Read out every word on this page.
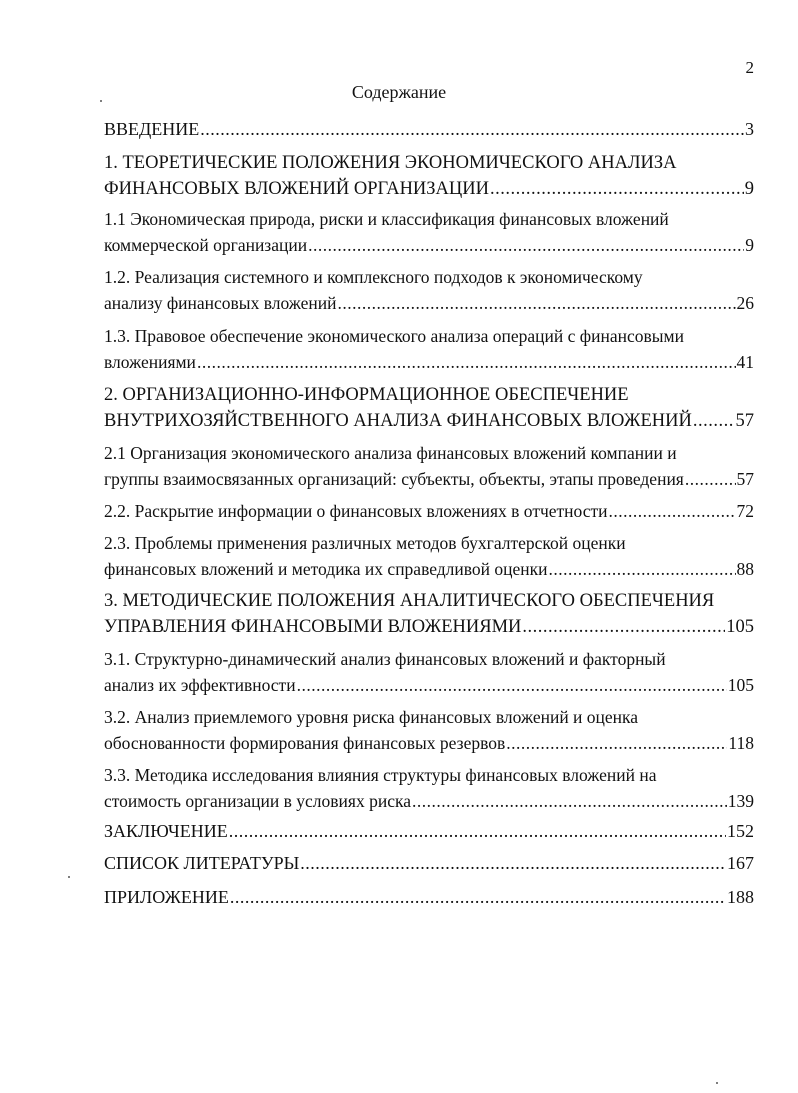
2
Содержание
ВВЕДЕНИЕ .....	3
1. ТЕОРЕТИЧЕСКИЕ ПОЛОЖЕНИЯ ЭКОНОМИЧЕСКОГО АНАЛИЗА
ФИНАНСОВЫХ ВЛОЖЕНИЙ ОРГАНИЗАЦИИ .....	9
1.1 Экономическая природа, риски и классификация финансовых вложений
коммерческой организации .....	9
1.2. Реализация системного и комплексного подходов к экономическому
анализу финансовых вложений .....	26
1.3. Правовое обеспечение экономического анализа операций с финансовыми
вложениями .....	41
2. ОРГАНИЗАЦИОННО-ИНФОРМАЦИОННОЕ ОБЕСПЕЧЕНИЕ
ВНУТРИХОЗЯЙСТВЕННОГО АНАЛИЗА ФИНАНСОВЫХ ВЛОЖЕНИЙ ..... 57
2.1 Организация экономического анализа финансовых вложений компании и
группы взаимосвязанных организаций: субъекты, объекты, этапы проведения .....	57
2.2. Раскрытие информации о финансовых вложениях в отчетности .....	72
2.3. Проблемы применения различных методов бухгалтерской оценки
финансовых вложений и методика их справедливой оценки .....	88
3. МЕТОДИЧЕСКИЕ ПОЛОЖЕНИЯ АНАЛИТИЧЕСКОГО ОБЕСПЕЧЕНИЯ
УПРАВЛЕНИЯ ФИНАНСОВЫМИ ВЛОЖЕНИЯМИ .....	105
3.1. Структурно-динамический анализ финансовых вложений и факторный
анализ их эффективности .....	105
3.2. Анализ приемлемого уровня риска финансовых вложений и оценка
обоснованности формирования финансовых резервов .....	118
3.3. Методика исследования влияния структуры финансовых вложений на
стоимость организации в условиях риска .....	139
ЗАКЛЮЧЕНИЕ .....	152
СПИСОК ЛИТЕРАТУРЫ .....	167
ПРИЛОЖЕНИЕ .....	188
